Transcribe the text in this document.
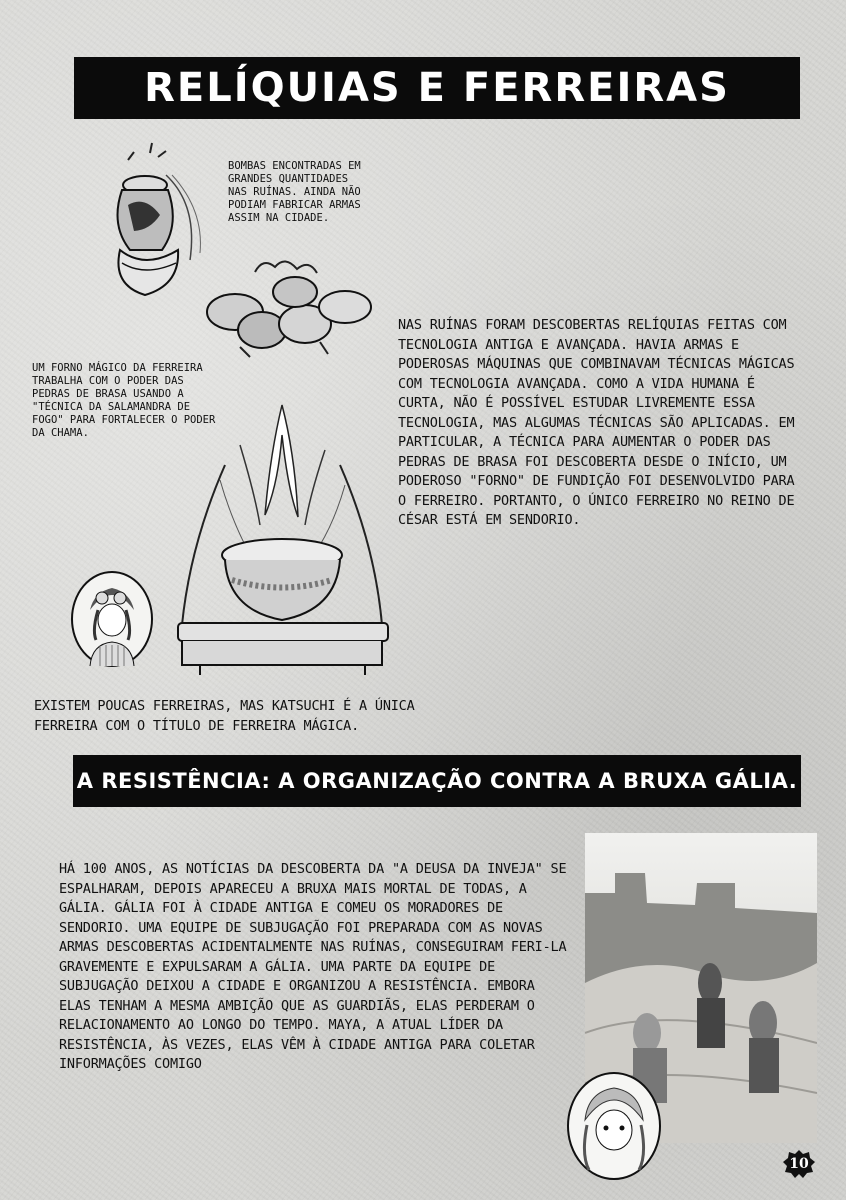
RELÍQUIAS E FERREIRAS
BOMBAS ENCONTRADAS EM GRANDES QUANTIDADES NAS RUÍNAS. AINDA NÃO PODIAM FABRICAR ARMAS ASSIM NA CIDADE.
UM FORNO MÁGICO DA FERREIRA TRABALHA COM O PODER DAS PEDRAS DE BRASA USANDO A "TÉCNICA DA SALAMANDRA DE FOGO" PARA FORTALECER O PODER DA CHAMA.
NAS RUÍNAS FORAM DESCOBERTAS RELÍQUIAS FEITAS COM TECNOLOGIA ANTIGA E AVANÇADA. HAVIA ARMAS E PODEROSAS MÁQUINAS QUE COMBINAVAM TÉCNICAS MÁGICAS COM TECNOLOGIA AVANÇADA. COMO A VIDA HUMANA É CURTA, NÃO É POSSÍVEL ESTUDAR LIVREMENTE ESSA TECNOLOGIA, MAS ALGUMAS TÉCNICAS SÃO APLICADAS. EM PARTICULAR, A TÉCNICA PARA AUMENTAR O PODER DAS PEDRAS DE BRASA FOI DESCOBERTA DESDE O INÍCIO, UM PODEROSO "FORNO" DE FUNDIÇÃO FOI DESENVOLVIDO PARA O FERREIRO. PORTANTO, O ÚNICO FERREIRO NO REINO DE CÉSAR ESTÁ EM SENDORIO.
EXISTEM POUCAS FERREIRAS, MAS KATSUCHI É A ÚNICA FERREIRA COM O TÍTULO DE FERREIRA MÁGICA.
A RESISTÊNCIA: A ORGANIZAÇÃO CONTRA A BRUXA GÁLIA.
HÁ 100 ANOS, AS NOTÍCIAS DA DESCOBERTA DA "A DEUSA DA INVEJA" SE ESPALHARAM, DEPOIS APARECEU A BRUXA MAIS MORTAL DE TODAS, A GÁLIA. GÁLIA FOI À CIDADE ANTIGA E COMEU OS MORADORES DE SENDORIO. UMA EQUIPE DE SUBJUGAÇÃO FOI PREPARADA COM AS NOVAS ARMAS DESCOBERTAS ACIDENTALMENTE NAS RUÍNAS, CONSEGUIRAM FERI-LA GRAVEMENTE E EXPULSARAM A GÁLIA. UMA PARTE DA EQUIPE DE SUBJUGAÇÃO DEIXOU A CIDADE E ORGANIZOU A RESISTÊNCIA. EMBORA ELAS TENHAM A MESMA AMBIÇÃO QUE AS GUARDIÃS, ELAS PERDERAM O RELACIONAMENTO AO LONGO DO TEMPO. MAYA, A ATUAL LÍDER DA RESISTÊNCIA, ÀS VEZES, ELAS VÊM À CIDADE ANTIGA PARA COLETAR INFORMAÇÕES COMIGO
10
